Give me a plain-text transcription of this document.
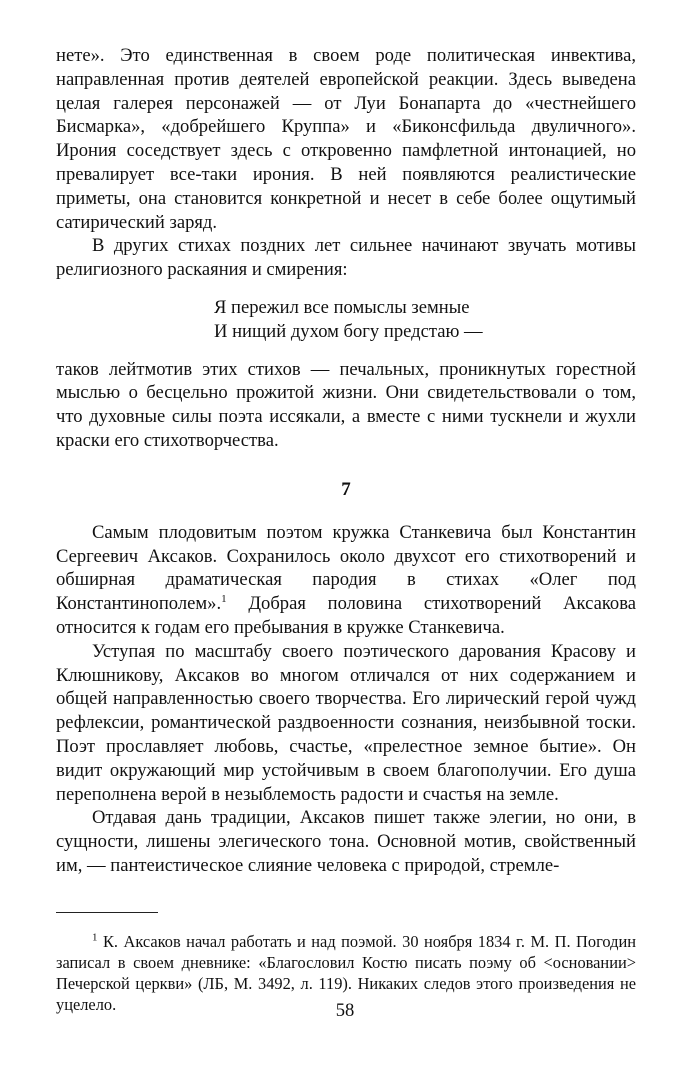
нете». Это единственная в своем роде политическая инвектива, направленная против деятелей европейской реакции. Здесь выведена целая галерея персонажей — от Луи Бонапарта до «честнейшего Бисмарка», «добрейшего Круппа» и «Биконсфильда двуличного». Ирония соседствует здесь с откровенно памфлетной интонацией, но превалирует все-таки ирония. В ней появляются реалистические приметы, она становится конкретной и несет в себе более ощутимый сатирический заряд.

В других стихах поздних лет сильнее начинают звучать мотивы религиозного раскаяния и смирения:

Я пережил все помыслы земные
И нищий духом богу предстаю —

таков лейтмотив этих стихов — печальных, проникнутых горестной мыслью о бесцельно прожитой жизни. Они свидетельствовали о том, что духовные силы поэта иссякали, а вместе с ними тускнели и жухли краски его стихотворчества.

7

Самым плодовитым поэтом кружка Станкевича был Константин Сергеевич Аксаков. Сохранилось около двухсот его стихотворений и обширная драматическая пародия в стихах «Олег под Константинополем».$^1$ Добрая половина стихотворений Аксакова относится к годам его пребывания в кружке Станкевича.

Уступая по масштабу своего поэтического дарования Красову и Клюшникову, Аксаков во многом отличался от них содержанием и общей направленностью своего творчества. Его лирический герой чужд рефлексии, романтической раздвоенности сознания, неизбывной тоски. Поэт прославляет любовь, счастье, «прелестное земное бытие». Он видит окружающий мир устойчивым в своем благополучии. Его душа переполнена верой в незыблемость радости и счастья на земле.

Отдавая дань традиции, Аксаков пишет также элегии, но они, в сущности, лишены элегического тона. Основной мотив, свойственный им, — пантеистическое слияние человека с природой, стремле-

$^1$ К. Аксаков начал работать и над поэмой. 30 ноября 1834 г. М. П. Погодин записал в своем дневнике: «Благословил Костю писать поэму об <основании> Печерской церкви» (ЛБ, М. 3492, л. 119). Никаких следов этого произведения не уцелело.	58
